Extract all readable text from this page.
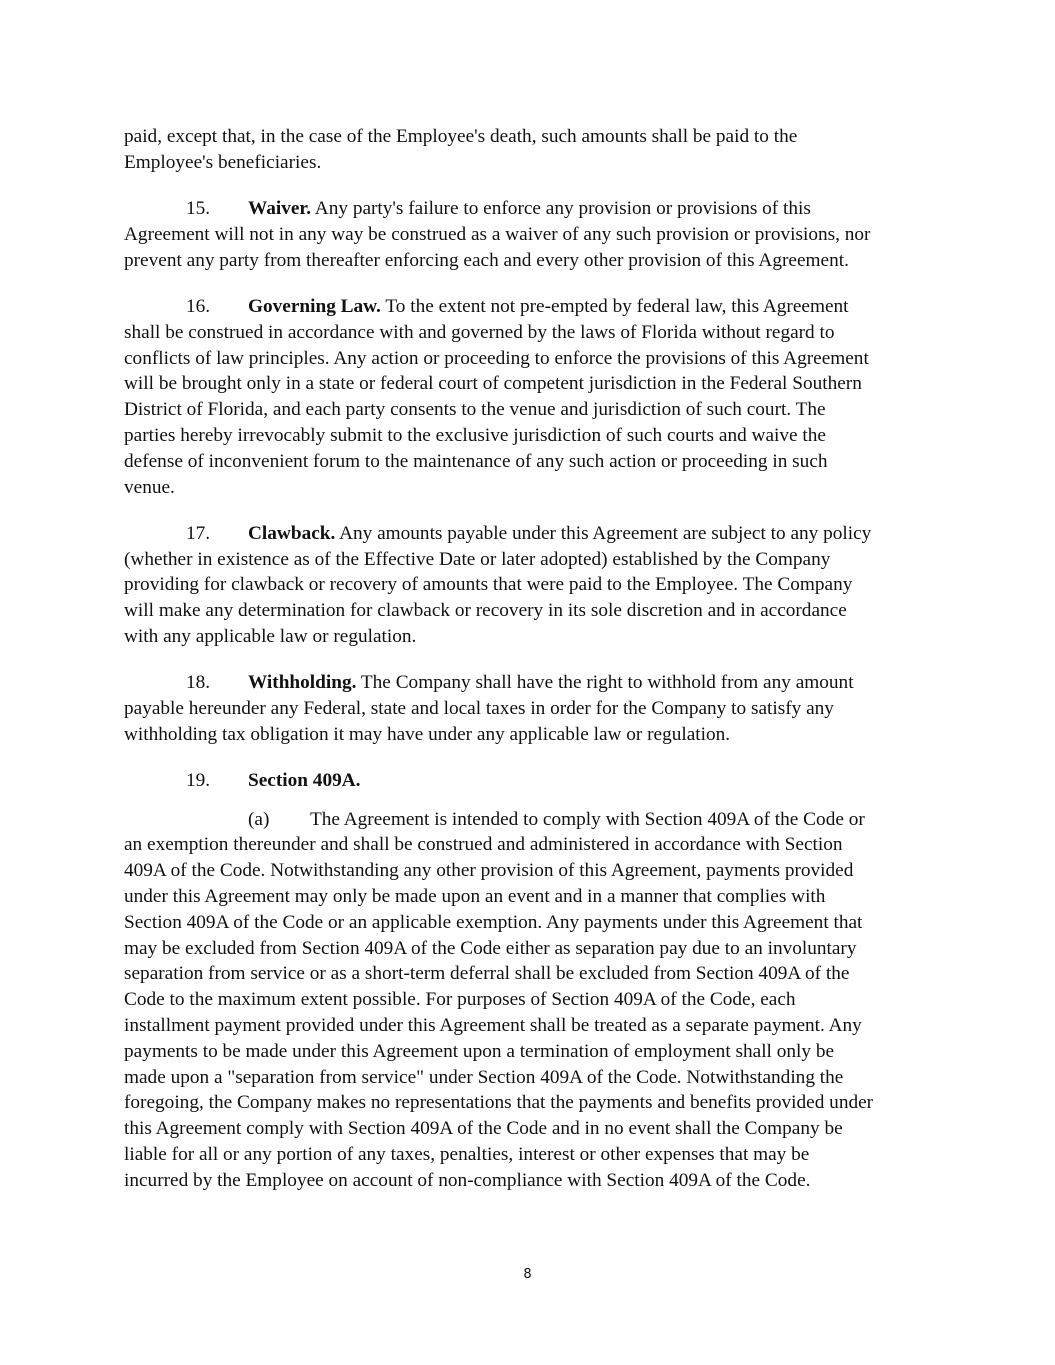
paid, except that, in the case of the Employee's death, such amounts shall be paid to the
Employee's beneficiaries.
15. Waiver. Any party's failure to enforce any provision or provisions of this
Agreement will not in any way be construed as a waiver of any such provision or provisions, nor
prevent any party from thereafter enforcing each and every other provision of this Agreement.
16. Governing Law. To the extent not pre-empted by federal law, this Agreement
shall be construed in accordance with and governed by the laws of Florida without regard to
conflicts of law principles. Any action or proceeding to enforce the provisions of this Agreement
will be brought only in a state or federal court of competent jurisdiction in the Federal Southern
District of Florida, and each party consents to the venue and jurisdiction of such court. The
parties hereby irrevocably submit to the exclusive jurisdiction of such courts and waive the
defense of inconvenient forum to the maintenance of any such action or proceeding in such
venue.
17. Clawback. Any amounts payable under this Agreement are subject to any policy
(whether in existence as of the Effective Date or later adopted) established by the Company
providing for clawback or recovery of amounts that were paid to the Employee. The Company
will make any determination for clawback or recovery in its sole discretion and in accordance
with any applicable law or regulation.
18. Withholding. The Company shall have the right to withhold from any amount
payable hereunder any Federal, state and local taxes in order for the Company to satisfy any
withholding tax obligation it may have under any applicable law or regulation.
19. Section 409A.
(a) The Agreement is intended to comply with Section 409A of the Code or
an exemption thereunder and shall be construed and administered in accordance with Section
409A of the Code. Notwithstanding any other provision of this Agreement, payments provided
under this Agreement may only be made upon an event and in a manner that complies with
Section 409A of the Code or an applicable exemption. Any payments under this Agreement that
may be excluded from Section 409A of the Code either as separation pay due to an involuntary
separation from service or as a short-term deferral shall be excluded from Section 409A of the
Code to the maximum extent possible. For purposes of Section 409A of the Code, each
installment payment provided under this Agreement shall be treated as a separate payment. Any
payments to be made under this Agreement upon a termination of employment shall only be
made upon a "separation from service" under Section 409A of the Code. Notwithstanding the
foregoing, the Company makes no representations that the payments and benefits provided under
this Agreement comply with Section 409A of the Code and in no event shall the Company be
liable for all or any portion of any taxes, penalties, interest or other expenses that may be
incurred by the Employee on account of non-compliance with Section 409A of the Code.
8
